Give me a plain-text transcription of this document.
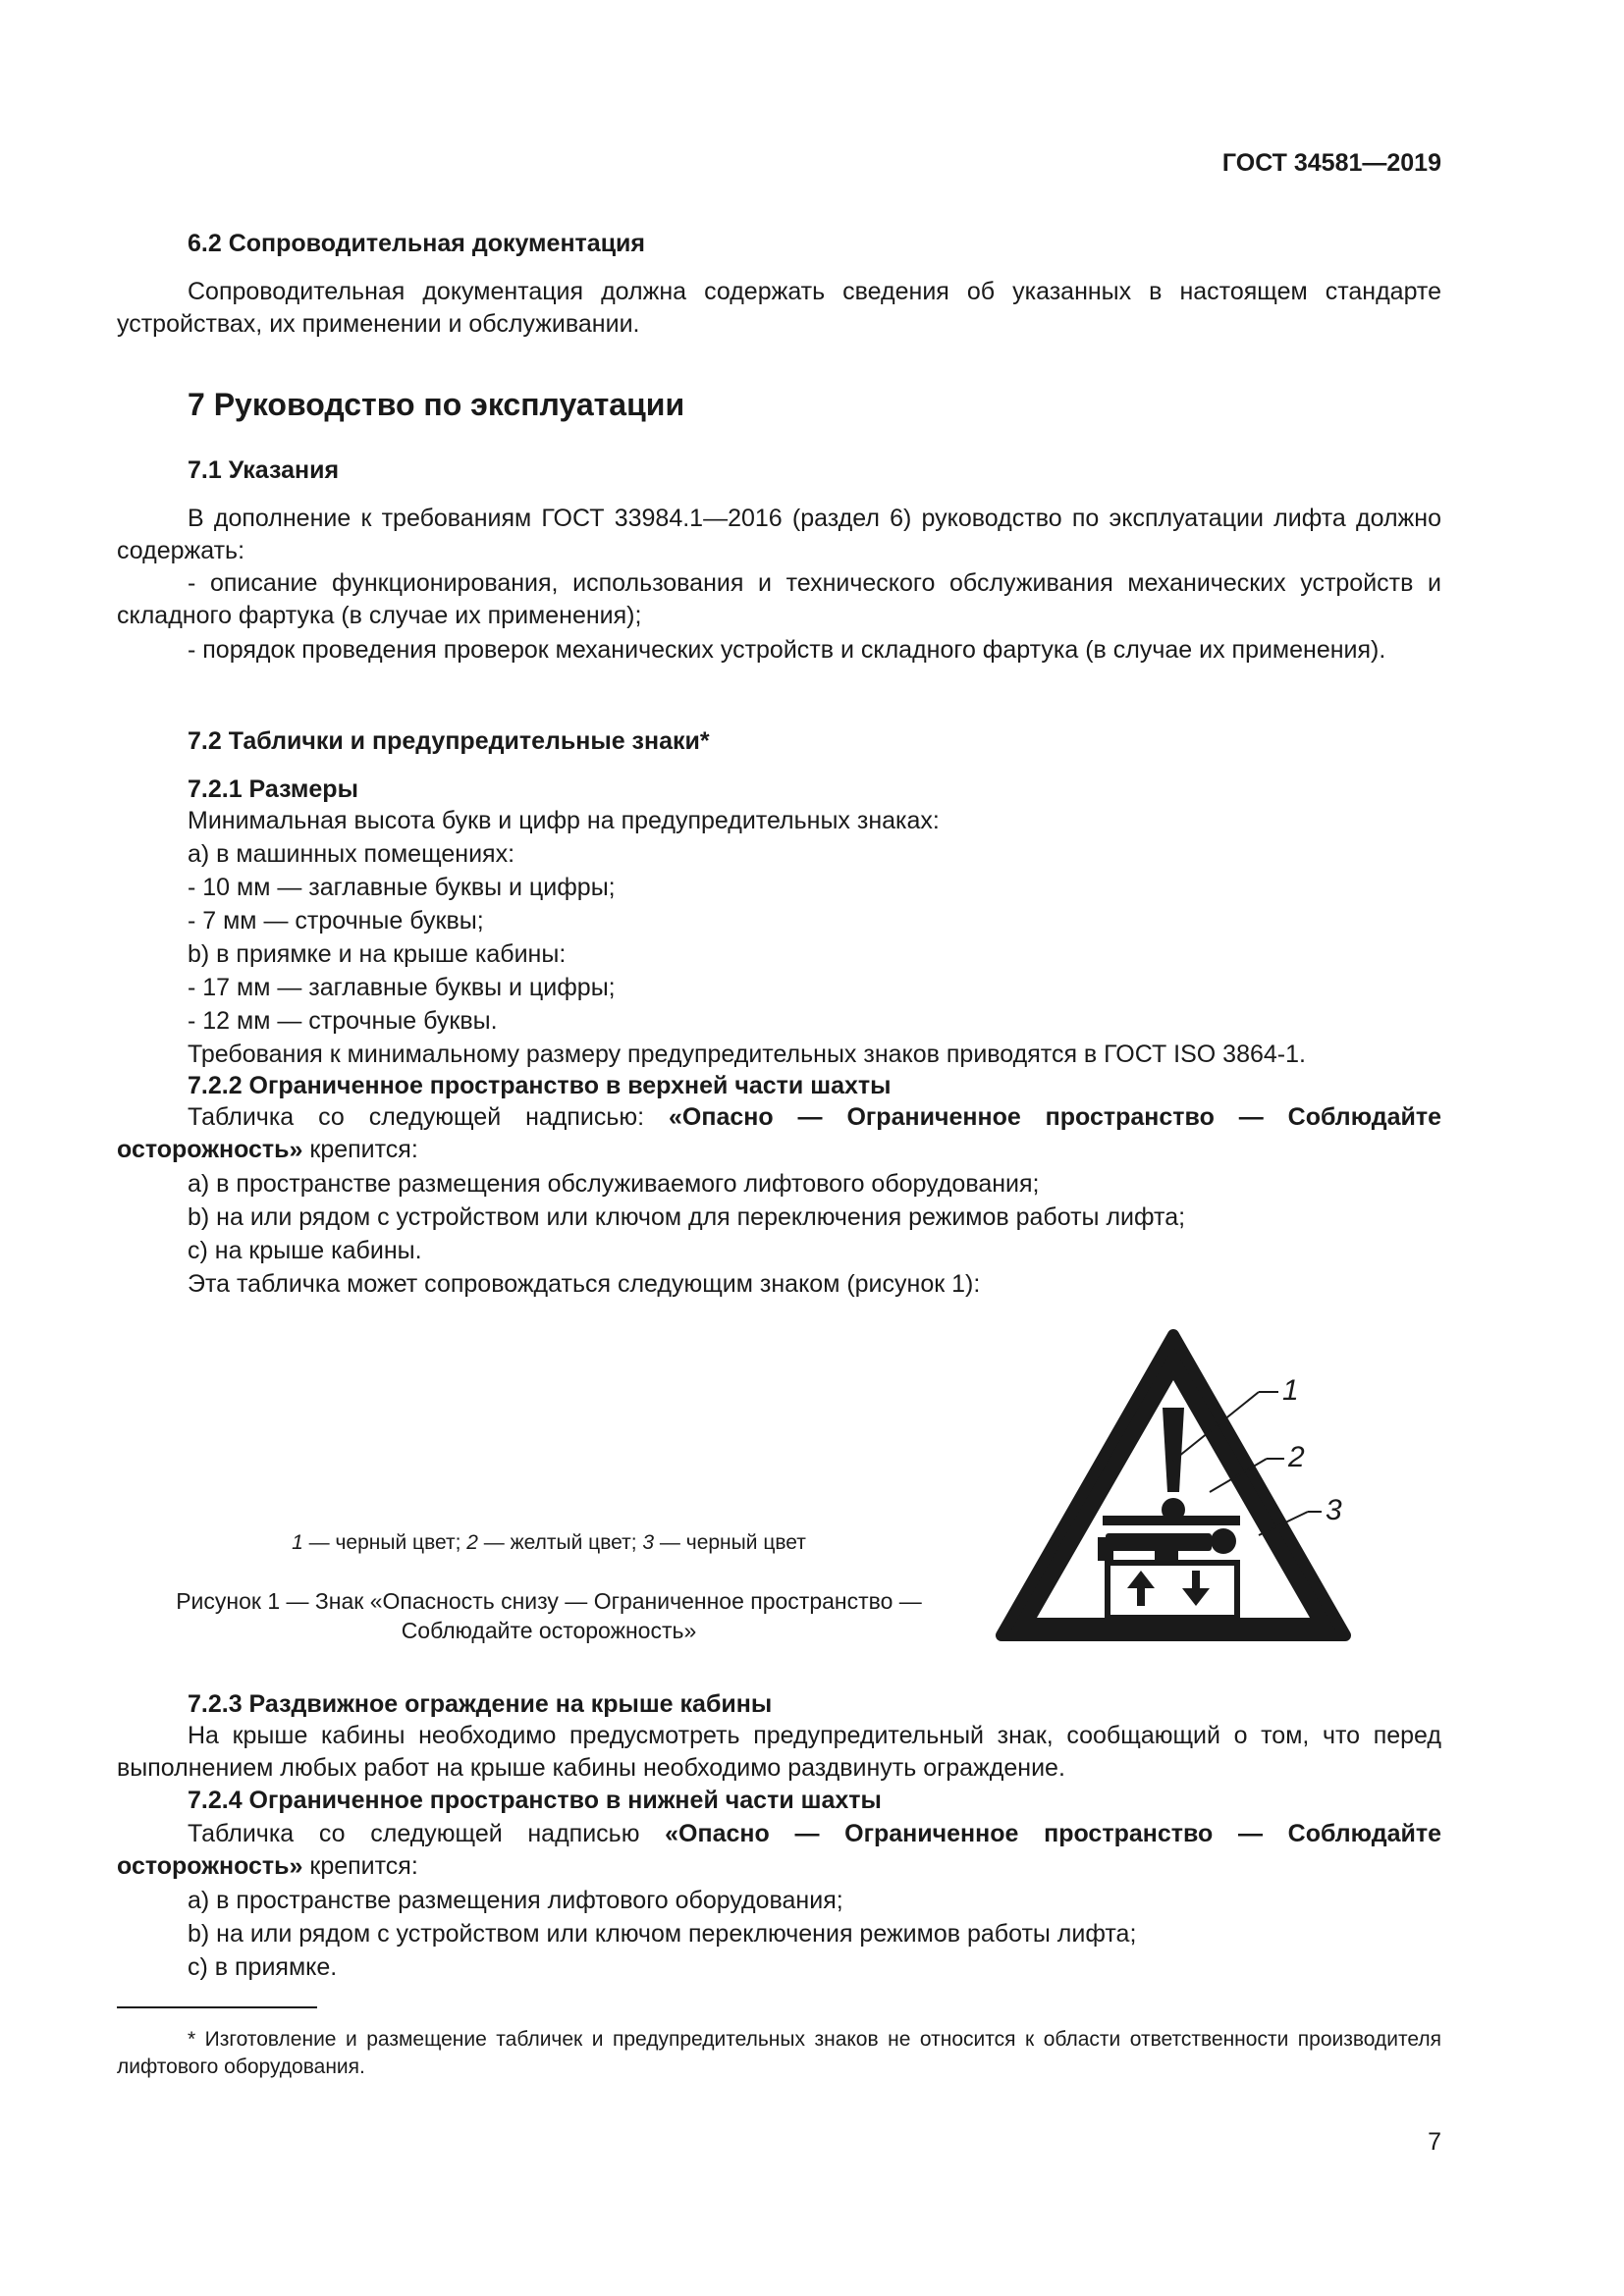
ГОСТ 34581—2019
6.2 Сопроводительная документация
Сопроводительная документация должна содержать сведения об указанных в настоящем стандарте устройствах, их применении и обслуживании.
7 Руководство по эксплуатации
7.1 Указания
В дополнение к требованиям ГОСТ 33984.1—2016 (раздел 6) руководство по эксплуатации лифта должно содержать:
- описание функционирования, использования и технического обслуживания механических устройств и складного фартука (в случае их применения);
- порядок проведения проверок механических устройств и складного фартука (в случае их применения).
7.2 Таблички и предупредительные знаки*
7.2.1 Размеры
Минимальная высота букв и цифр на предупредительных знаках:
а) в машинных помещениях:
- 10 мм — заглавные буквы и цифры;
- 7 мм — строчные буквы;
b) в приямке и на крыше кабины:
- 17 мм — заглавные буквы и цифры;
- 12 мм — строчные буквы.
Требования к минимальному размеру предупредительных знаков приводятся в ГОСТ ISO 3864-1.
7.2.2 Ограниченное пространство в верхней части шахты
Табличка со следующей надписью: «Опасно — Ограниченное пространство — Соблюдайте осторожность» крепится:
а) в пространстве размещения обслуживаемого лифтового оборудования;
b) на или рядом с устройством или ключом для переключения режимов работы лифта;
с) на крыше кабины.
Эта табличка может сопровождаться следующим знаком (рисунок 1):
1 — черный цвет; 2 — желтый цвет; 3 — черный цвет
Рисунок 1 — Знак «Опасность снизу — Ограниченное пространство —
Соблюдайте осторожность»
1
2
3
7.2.3 Раздвижное ограждение на крыше кабины
На крыше кабины необходимо предусмотреть предупредительный знак, сообщающий о том, что перед выполнением любых работ на крыше кабины необходимо раздвинуть ограждение.
7.2.4 Ограниченное пространство в нижней части шахты
Табличка со следующей надписью «Опасно — Ограниченное пространство — Соблюдайте осторожность» крепится:
а) в пространстве размещения лифтового оборудования;
b) на или рядом с устройством или ключом переключения режимов работы лифта;
с) в приямке.
* Изготовление и размещение табличек и предупредительных знаков не относится к области ответственности производителя лифтового оборудования.
7
